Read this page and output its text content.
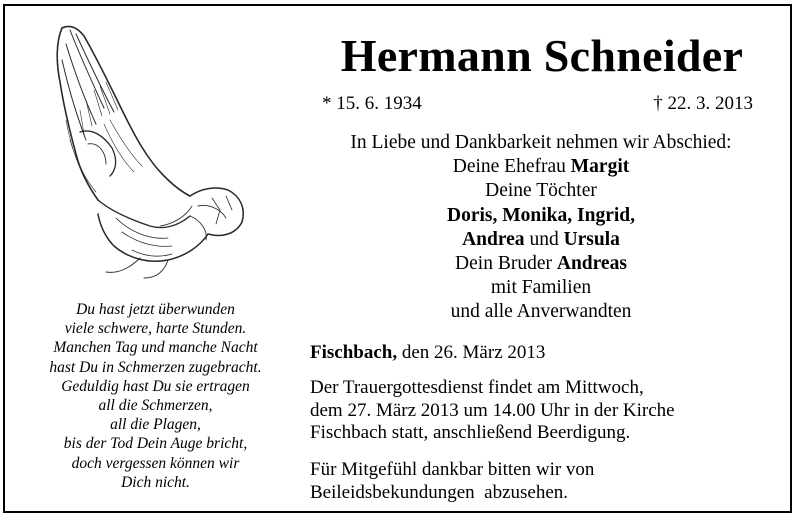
Du hast jetzt überwunden
viele schwere, harte Stunden.
Manchen Tag und manche Nacht
hast Du in Schmerzen zugebracht.
Geduldig hast Du sie ertragen
all die Schmerzen,
all die Plagen,
bis der Tod Dein Auge bricht,
doch vergessen können wir
Dich nicht.
Hermann Schneider
* 15. 6. 1934	† 22. 3. 2013
In Liebe und Dankbarkeit nehmen wir Abschied:
Deine Ehefrau Margit
Deine Töchter
Doris, Monika, Ingrid,
Andrea und Ursula
Dein Bruder Andreas
mit Familien
und alle Anverwandten
Fischbach, den 26. März 2013
Der Trauergottesdienst findet am Mittwoch,
dem 27. März 2013 um 14.00 Uhr in der Kirche
Fischbach statt, anschließend Beerdigung.
Für Mitgefühl dankbar bitten wir von
Beileidsbekundungen  abzusehen.
